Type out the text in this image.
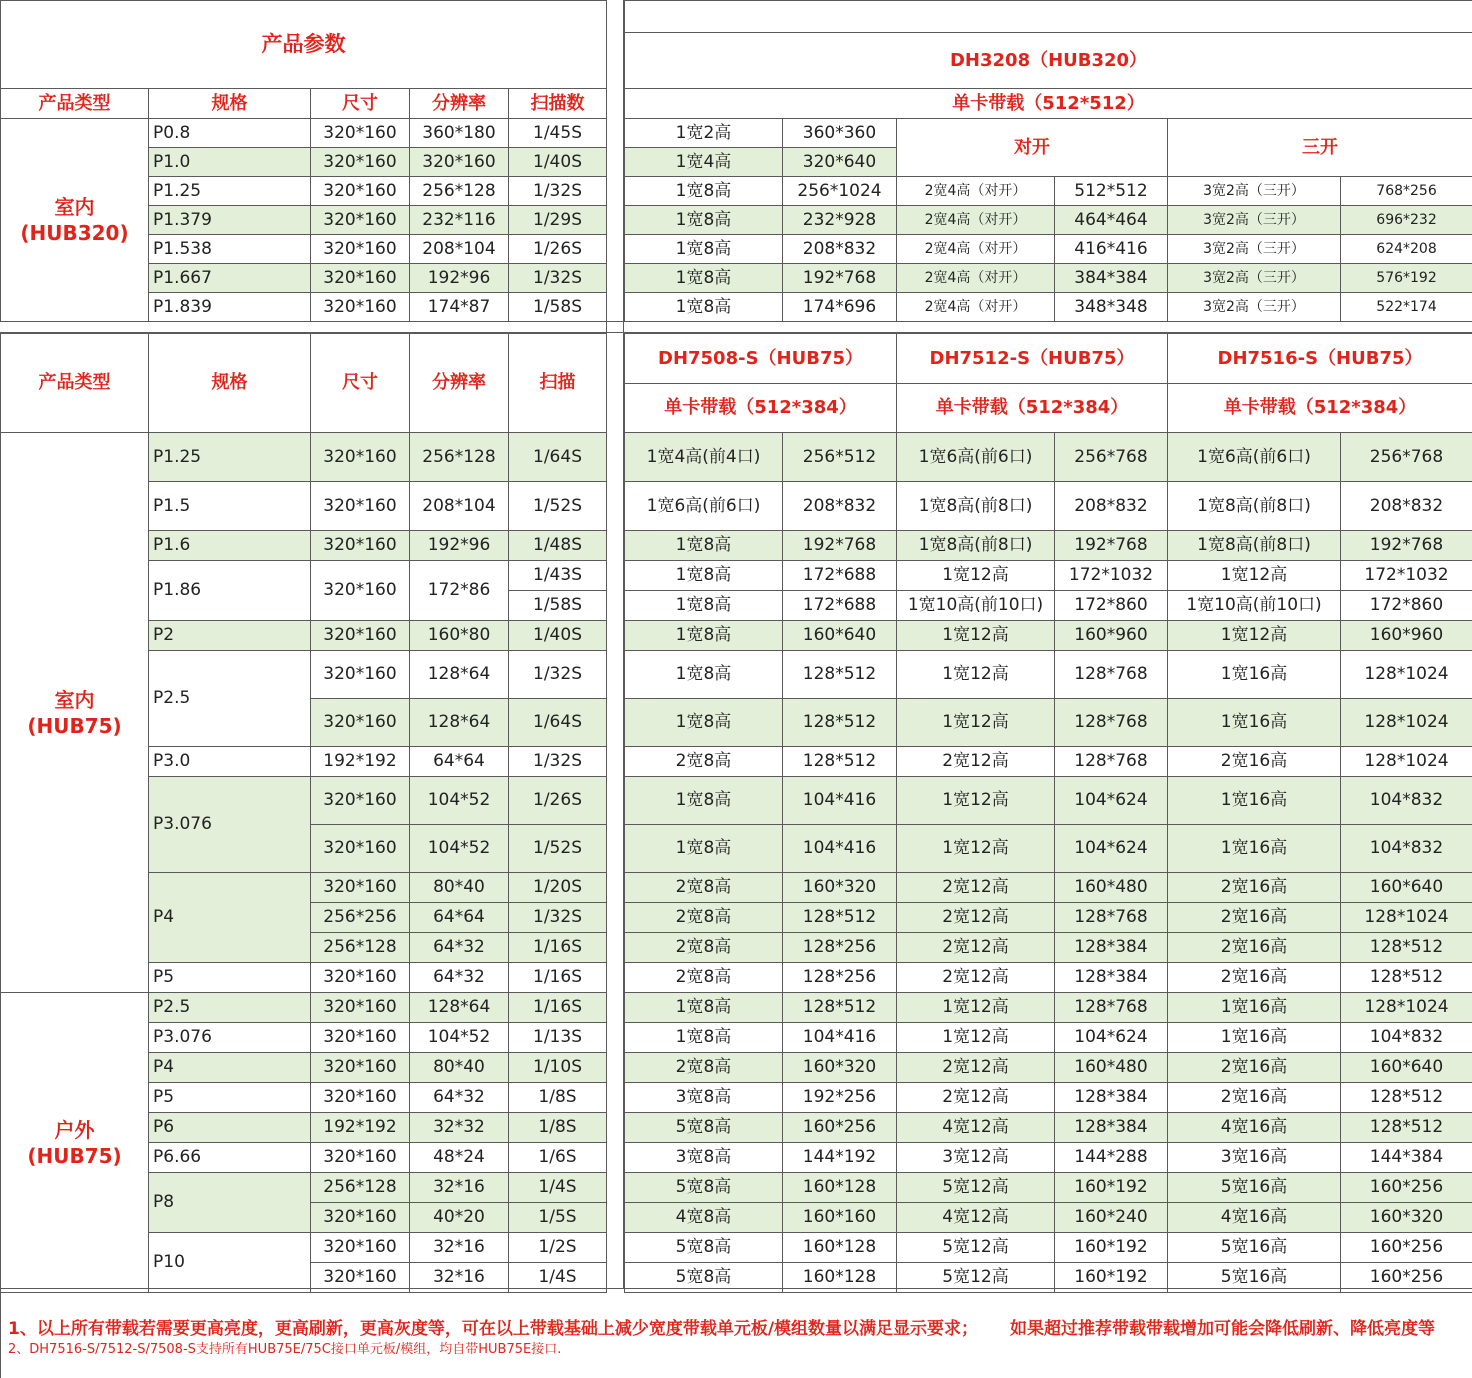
产品参数				
产品类型	规格	尺寸	分辨率	扫描数
室内
(HUB320)	P0.8	320*160	360*180	1/45S
	P1.0	320*160	320*160	1/40S
	P1.25	320*160	256*128	1/32S
	P1.379	320*160	232*116	1/29S
	P1.538	320*160	208*104	1/26S
	P1.667	320*160	192*96	1/32S
	P1.839	320*160	174*87	1/58S

DH3208（HUB320）					
单卡带载（512*512）					
1宽2高	360*360	对开		三开	
1宽4高	320*640				
1宽8高	256*1024	2宽4高（对开）	512*512	3宽2高（三开）	768*256
1宽8高	232*928	2宽4高（对开）	464*464	3宽2高（三开）	696*232
1宽8高	208*832	2宽4高（对开）	416*416	3宽2高（三开）	624*208
1宽8高	192*768	2宽4高（对开）	384*384	3宽2高（三开）	576*192
1宽8高	174*696	2宽4高（对开）	348*348	3宽2高（三开）	522*174
产品类型	规格	尺寸	分辨率	扫描
室内
(HUB75)	P1.25	320*160	256*128	1/64S
	P1.5	320*160	208*104	1/52S
	P1.6	320*160	192*96	1/48S
	P1.86	320*160	172*86	1/43S
				1/58S
	P2	320*160	160*80	1/40S
	P2.5	320*160	128*64	1/32S
		320*160	128*64	1/64S
	P3.0	192*192	64*64	1/32S
	P3.076	320*160	104*52	1/26S
		320*160	104*52	1/52S
	P4	320*160	80*40	1/20S
		256*256	64*64	1/32S
		256*128	64*32	1/16S
	P5	320*160	64*32	1/16S
户外
(HUB75)	P2.5	320*160	128*64	1/16S
	P3.076	320*160	104*52	1/13S
	P4	320*160	80*40	1/10S
	P5	320*160	64*32	1/8S
	P6	192*192	32*32	1/8S
	P6.66	320*160	48*24	1/6S
	P8	256*128	32*16	1/4S
		320*160	40*20	1/5S
	P10	320*160	32*16	1/2S
		320*160	32*16	1/4S
DH7508-S（HUB75）		DH7512-S（HUB75）		DH7516-S（HUB75）	
单卡带载（512*384）		单卡带载（512*384）		单卡带载（512*384）	
1宽4高(前4口)	256*512	1宽6高(前6口)	256*768	1宽6高(前6口)	256*768
1宽6高(前6口)	208*832	1宽8高(前8口)	208*832	1宽8高(前8口)	208*832
1宽8高	192*768	1宽8高(前8口)	192*768	1宽8高(前8口)	192*768
1宽8高	172*688	1宽12高	172*1032	1宽12高	172*1032
1宽8高	172*688	1宽10高(前10口)	172*860	1宽10高(前10口)	172*860
1宽8高	160*640	1宽12高	160*960	1宽12高	160*960
1宽8高	128*512	1宽12高	128*768	1宽16高	128*1024
1宽8高	128*512	1宽12高	128*768	1宽16高	128*1024
2宽8高	128*512	2宽12高	128*768	2宽16高	128*1024
1宽8高	104*416	1宽12高	104*624	1宽16高	104*832
1宽8高	104*416	1宽12高	104*624	1宽16高	104*832
2宽8高	160*320	2宽12高	160*480	2宽16高	160*640
2宽8高	128*512	2宽12高	128*768	2宽16高	128*1024
2宽8高	128*256	2宽12高	128*384	2宽16高	128*512
2宽8高	128*256	2宽12高	128*384	2宽16高	128*512
1宽8高	128*512	1宽12高	128*768	1宽16高	128*1024
1宽8高	104*416	1宽12高	104*624	1宽16高	104*832
2宽8高	160*320	2宽12高	160*480	2宽16高	160*640
3宽8高	192*256	2宽12高	128*384	2宽16高	128*512
5宽8高	160*256	4宽12高	128*384	4宽16高	128*512
3宽8高	144*192	3宽12高	144*288	3宽16高	144*384
5宽8高	160*128	5宽12高	160*192	5宽16高	160*256
4宽8高	160*160	4宽12高	160*240	4宽16高	160*320
5宽8高	160*128	5宽12高	160*192	5宽16高	160*256
5宽8高	160*128	5宽12高	160*192	5宽16高	160*256
1、以上所有带载若需要更高亮度，更高刷新，更高灰度等，可在以上带载基础上减少宽度带载单元板/模组数量以满足显示要求； 如果超过推荐带载带载增加可能会降低刷新、降低亮度等
2、DH7516-S/7512-S/7508-S支持所有HUB75E/75C接口单元板/模组，均自带HUB75E接口.
